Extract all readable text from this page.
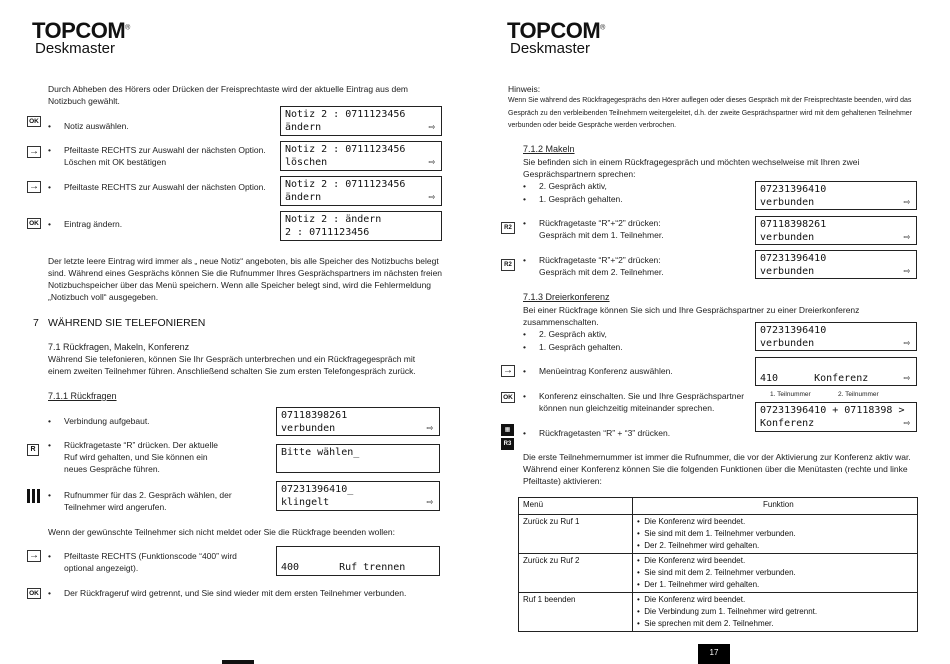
TOPCOM®
Deskmaster
Durch Abheben des Hörers oder Drücken der Freisprechtaste wird der aktuelle Eintrag aus dem Notizbuch gewählt.
OK • Notiz auswählen.
Notiz 2 : 0711123456
ändern	⇨
→ • Pfeiltaste RECHTS zur Auswahl der nächsten Option. Löschen mit OK bestätigen
Notiz 2 : 0711123456
löschen	⇨
→ • Pfeiltaste RECHTS zur Auswahl der nächsten Option.	Notiz 2 : 0711123456
ändern	⇨
OK • Eintrag ändern.	Notiz 2 : ändern
2 : 0711123456
Der letzte leere Eintrag wird immer als „ neue Notiz“ angeboten, bis alle Speicher des Notizbuchs belegt sind. Während eines Gesprächs können Sie die Rufnummer Ihres Gesprächspartners im nächsten freien Notizbuchspeicher über das Menü speichern. Wenn alle Speicher belegt sind, wird die Fehlermeldung „Notizbuch voll“ ausgegeben.
7 WÄHREND SIE TELEFONIEREN
7.1 Rückfragen, Makeln, Konferenz
Während Sie telefonieren, können Sie Ihr Gespräch unterbrechen und ein Rückfragegespräch mit einem zweiten Teilnehmer führen. Anschließend schalten Sie zum ersten Telefongespräch zurück.
7.1.1 Rückfragen
• Verbindung aufgebaut.	07118398261
verbunden	⇨
R	• Rückfragetaste “R” drücken. Der aktuelle Ruf wird gehalten, und Sie können ein neues Gespräche führen.
Bitte wählen_
• Rufnummer für das 2. Gespräch wählen, der Teilnehmer wird angerufen.
07231396410_
klingelt	⇨
Wenn der gewünschte Teilnehmer sich nicht meldet oder Sie die Rückfrage beenden wollen:
→ • Pfeiltaste RECHTS (Funktionscode “400” wird optional angezeigt).	400	Ruf trennen
OK • Der Rückfrageruf wird getrennt, und Sie sind wieder mit dem ersten Teilnehmer verbunden.
TOPCOM®
Deskmaster
Hinweis:
Wenn Sie während des Rückfragegesprächs den Hörer auflegen oder dieses Gespräch mit der Freisprechtaste beenden, wird das Gespräch zu den verbleibenden Teilnehmern weitergeleitet, d.h. der zweite Gesprächspartner wird mit dem gehaltenen Teilnehmer verbunden oder beide Gespräche werden verbrochen.
7.1.2 Makeln
Sie befinden sich in einem Rückfragegespräch und möchten wechselweise mit Ihren zwei Gesprächspartnern sprechen:
• 2. Gespräch aktiv,
• 1. Gespräch gehalten.
07231396410
verbunden	⇨
R2	• Rückfragetaste “R”+“2” drücken: Gespräch mit dem 1. Teilnehmer.
07118398261
verbunden	⇨
R2	• Rückfragetaste “R”+“2” drücken: Gespräch mit dem 2. Teilnehmer.
07231396410
verbunden	⇨
7.1.3 Dreierkonferenz
Bei einer Rückfrage können Sie sich und Ihre Gesprächspartner zu einer Dreierkonferenz zusammenschalten.
• 2. Gespräch aktiv,
• 1. Gespräch gehalten.
07231396410
verbunden	⇨
→ • Menüeintrag Konferenz auswählen.
410	Konferenz	⇨
OK • Konferenz einschalten. Sie und Ihre Gesprächspartner können nun gleichzeitig miteinander sprechen.
1. Teilnummer	2. Teilnummer
07231396410 + 07118398 >
Konferenz	⇨
▦
R3
• Rückfragetasten “R” + “3” drücken.
Die erste Teilnehmernummer ist immer die Rufnummer, die vor der Aktivierung zur Konferenz aktiv war. Während einer Konferenz können Sie die folgenden Funktionen über die Menütasten (rechte und linke Pfeiltaste) aktivieren:
Menü	Funktion
Zurück zu Ruf 1	•  Die Konferenz wird beendet.
•  Sie sind mit dem 1. Teilnehmer verbunden.
•  Der 2. Teilnehmer wird gehalten.

Zurück zu Ruf 2	•  Die Konferenz wird beendet.
•  Sie sind mit dem 2. Teilnehmer verbunden.
•  Der 1. Teilnehmer wird gehalten.

Ruf 1 beenden	•  Die Konferenz wird beendet.
•  Die Verbindung zum 1. Teilnehmer wird getrennt.
•  Sie sprechen mit dem 2. Teilnehmer.
17
